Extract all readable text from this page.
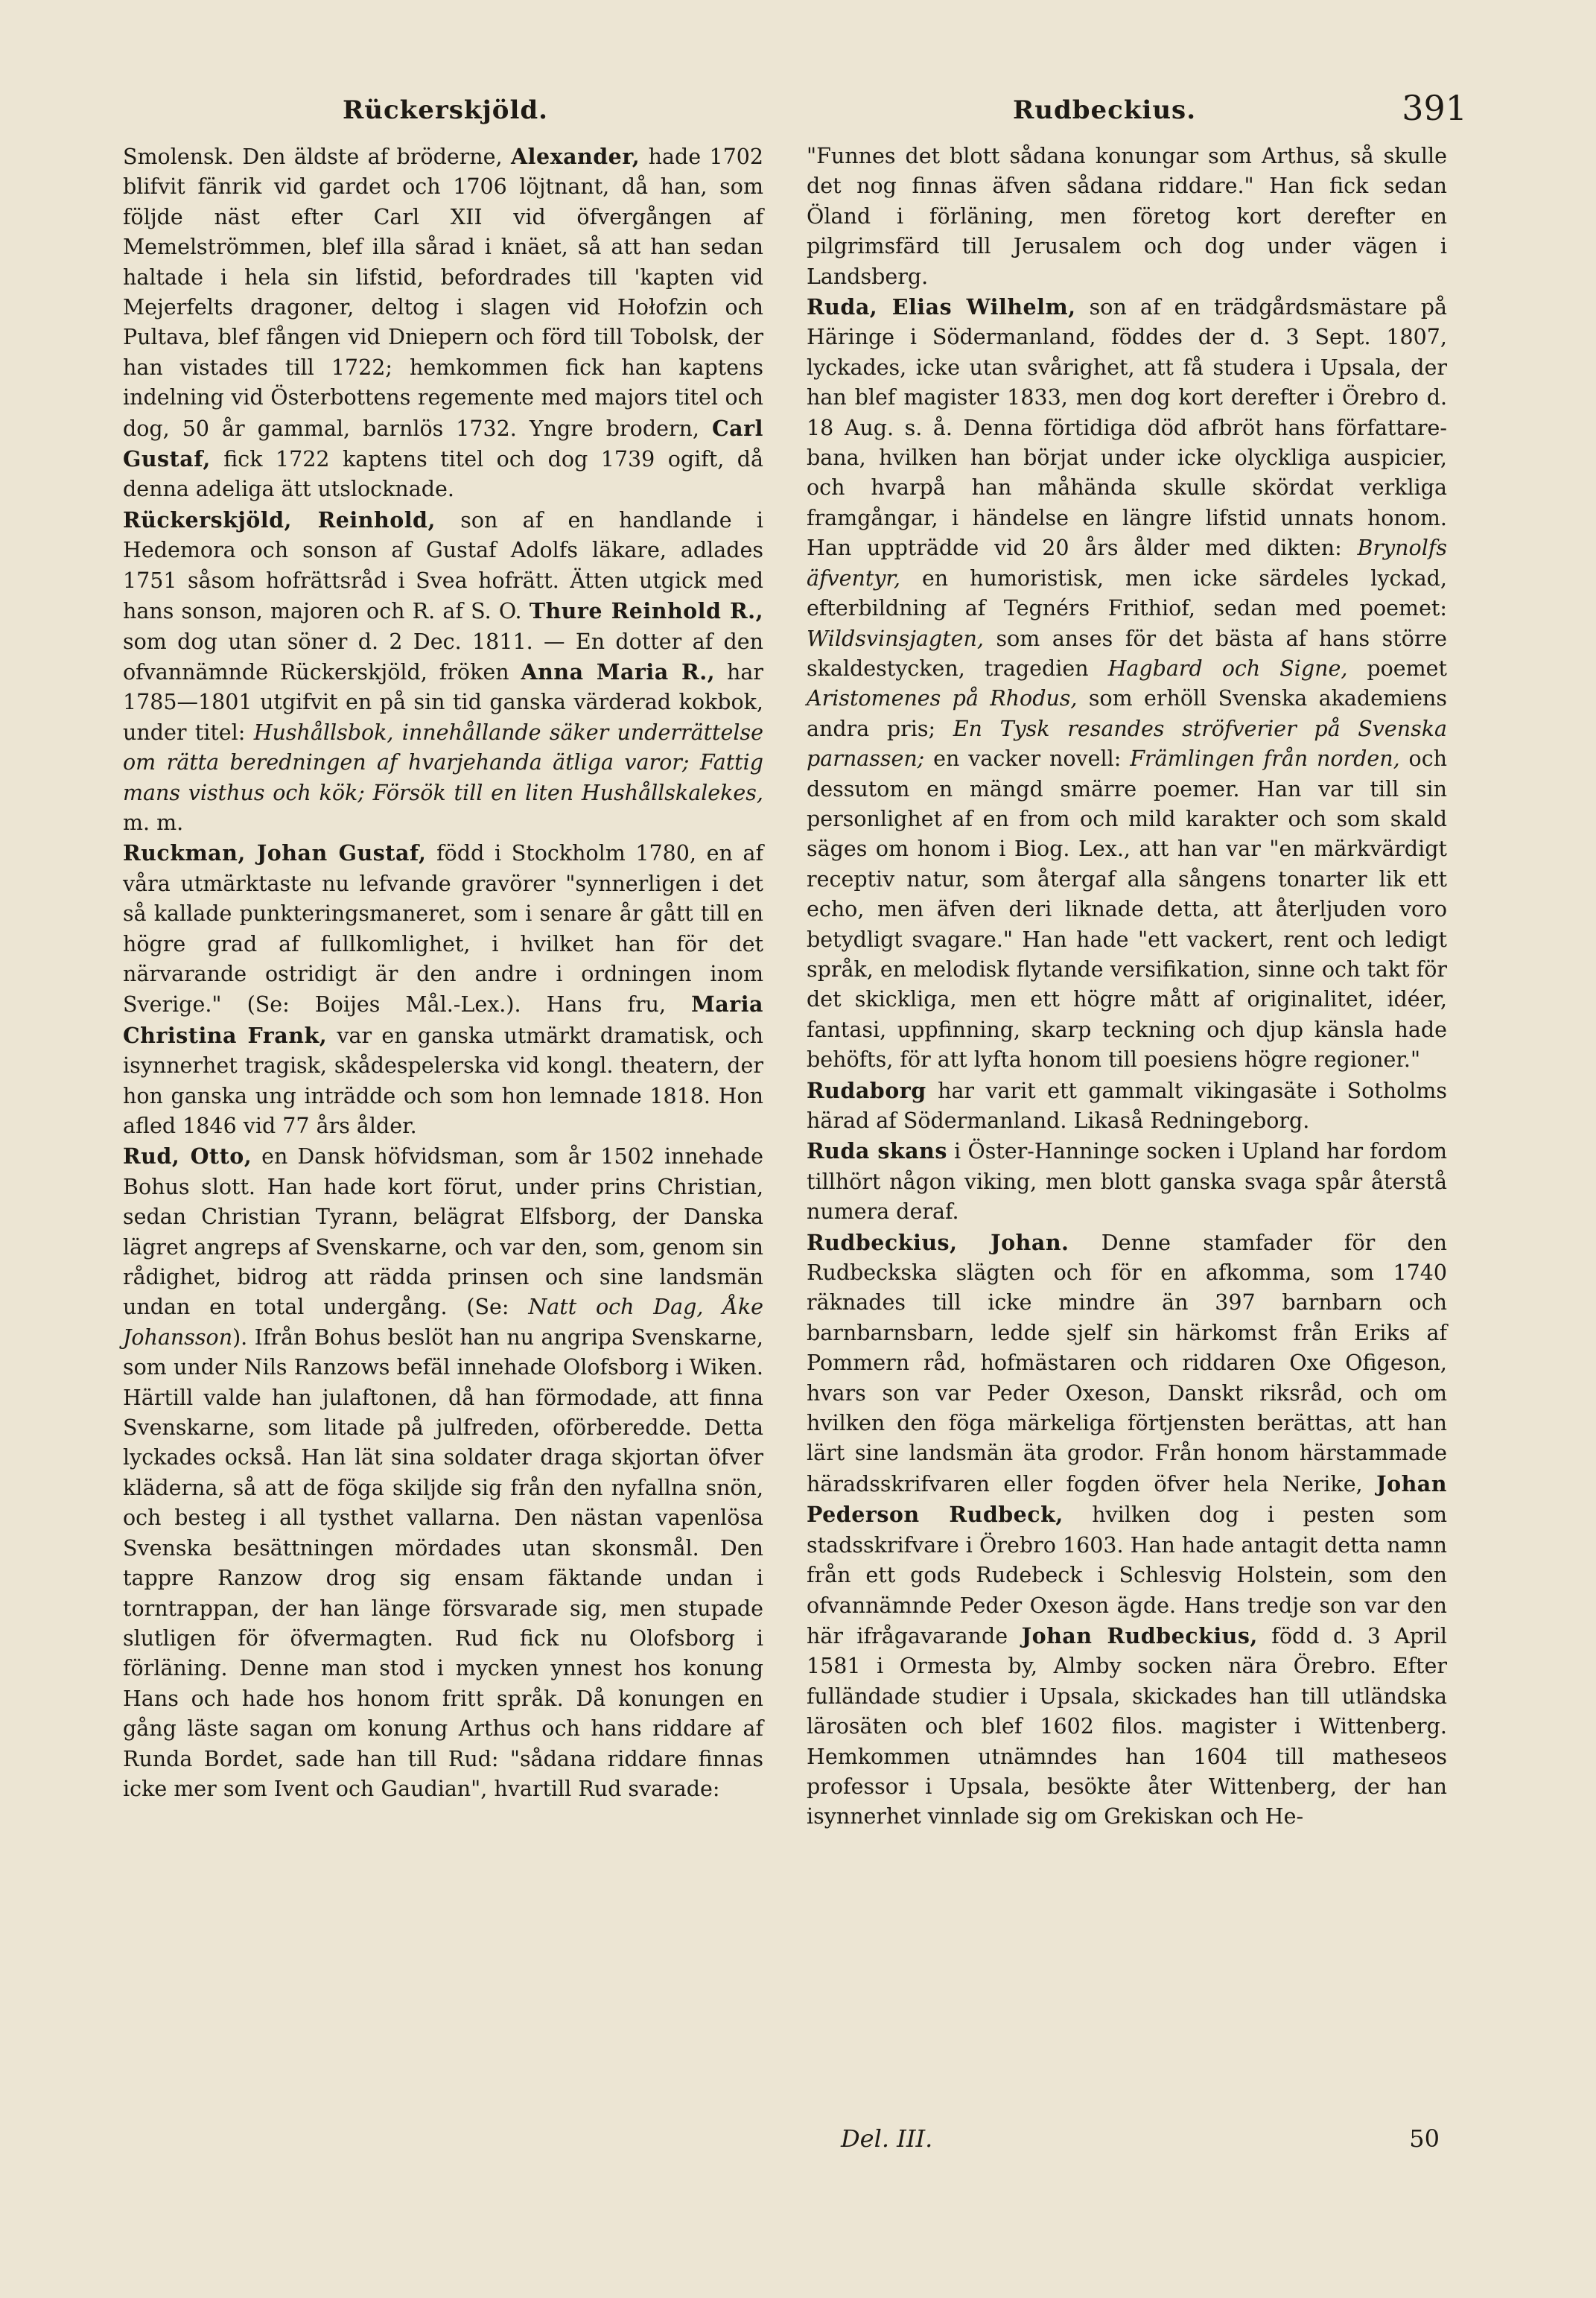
Rückerskjöld.	Rudbeckius.	391

Smolensk. Den äldste af bröderne, Alexander, hade 1702 blifvit fänrik vid gardet och 1706 löjtnant, då han, som följde näst efter Carl XII vid öfvergången af Memelströmmen, blef illa sårad i knäet, så att han sedan haltade i hela sin lifstid, befordrades till 'kapten vid Mejerfelts dragoner, deltog i slagen vid Hołofzin och Pultava, blef fången vid Dniepern och förd till Tobolsk, der han vistades till 1722; hemkommen fick han kaptens indelning vid Österbottens regemente med majors titel och dog, 50 år gammal, barnlös 1732. Yngre brodern, Carl Gustaf, fick 1722 kaptens titel och dog 1739 ogift, då denna adeliga ätt utslocknade.

Rückerskjöld, Reinhold, son af en handlande i Hedemora och sonson af Gustaf Adolfs läkare, adlades 1751 såsom hofrättsråd i Svea hofrätt. Ätten utgick med hans sonson, majoren och R. af S. O. Thure Reinhold R., som dog utan söner d. 2 Dec. 1811. — En dotter af den ofvannämnde Rückerskjöld, fröken Anna Maria R., har 1785—1801 utgifvit en på sin tid ganska värderad kokbok, under titel: Hushållsbok, innehållande säker underrättelse om rätta beredningen af hvarjehanda ätliga varor; Fattig mans visthus och kök; Försök till en liten Hushållskalekes, m. m.

Ruckman, Johan Gustaf, född i Stockholm 1780, en af våra utmärktaste nu lefvande gravörer "synnerligen i det så kallade punkteringsmaneret, som i senare år gått till en högre grad af fullkomlighet, i hvilket han för det närvarande ostridigt är den andre i ordningen inom Sverige." (Se: Boijes Mål.-Lex.). Hans fru, Maria Christina Frank, var en ganska utmärkt dramatisk, och isynnerhet tragisk, skådespelerska vid kongl. theatern, der hon ganska ung inträdde och som hon lemnade 1818. Hon afled 1846 vid 77 års ålder.

Rud, Otto, en Dansk höfvidsman, som år 1502 innehade Bohus slott. Han hade kort förut, under prins Christian, sedan Christian Tyrann, belägrat Elfsborg, der Danska lägret angreps af Svenskarne, och var den, som, genom sin rådighet, bidrog att rädda prinsen och sine landsmän undan en total undergång. (Se: Natt och Dag, Åke Johansson). Ifrån Bohus beslöt han nu angripa Svenskarne, som under Nils Ranzows befäl innehade Olofsborg i Wiken. Härtill valde han julaftonen, då han förmodade, att finna Svenskarne, som litade på julfreden, oförberedde. Detta lyckades också. Han lät sina soldater draga skjortan öfver kläderna, så att de föga skiljde sig från den nyfallna snön, och besteg i all tysthet vallarna. Den nästan vapenlösa Svenska besättningen mördades utan skonsmål. Den tappre Ranzow drog sig ensam fäktande undan i torntrappan, der han länge försvarade sig, men stupade slutligen för öfvermagten. Rud fick nu Olofsborg i förläning. Denne man stod i mycken ynnest hos konung Hans och hade hos honom fritt språk. Då konungen en gång läste sagan om konung Arthus och hans riddare af Runda Bordet, sade han till Rud: "sådana riddare finnas icke mer som Ivent och Gaudian", hvartill Rud svarade:

"Funnes det blott sådana konungar som Arthus, så skulle det nog finnas äfven sådana riddare." Han fick sedan Öland i förläning, men företog kort derefter en pilgrimsfärd till Jerusalem och dog under vägen i Landsberg.

Ruda, Elias Wilhelm, son af en trädgårdsmästare på Häringe i Södermanland, föddes der d. 3 Sept. 1807, lyckades, icke utan svårighet, att få studera i Upsala, der han blef magister 1833, men dog kort derefter i Örebro d. 18 Aug. s. å. Denna förtidiga död afbröt hans författare-bana, hvilken han börjat under icke olyckliga auspicier, och hvarpå han måhända skulle skördat verkliga framgångar, i händelse en längre lifstid unnats honom. Han uppträdde vid 20 års ålder med dikten: Brynolfs äfventyr, en humoristisk, men icke särdeles lyckad, efterbildning af Tegnérs Frithiof, sedan med poemet: Wildsvinsjagten, som anses för det bästa af hans större skaldestycken, tragedien Hagbard och Signe, poemet Aristomenes på Rhodus, som erhöll Svenska akademiens andra pris; En Tysk resandes ströfverier på Svenska parnassen; en vacker novell: Främlingen från norden, och dessutom en mängd smärre poemer. Han var till sin personlighet af en from och mild karakter och som skald säges om honom i Biog. Lex., att han var "en märkvärdigt receptiv natur, som återgaf alla sångens tonarter lik ett echo, men äfven deri liknade detta, att återljuden voro betydligt svagare." Han hade "ett vackert, rent och ledigt språk, en melodisk flytande versifikation, sinne och takt för det skickliga, men ett högre mått af originalitet, idéer, fantasi, uppfinning, skarp teckning och djup känsla hade behöfts, för att lyfta honom till poesiens högre regioner."

Rudaborg har varit ett gammalt vikingasäte i Sotholms härad af Södermanland. Likaså Redningeborg.

Ruda skans i Öster-Hanninge socken i Upland har fordom tillhört någon viking, men blott ganska svaga spår återstå numera deraf.

Rudbeckius, Johan. Denne stamfader för den Rudbeckska slägten och för en afkomma, som 1740 räknades till icke mindre än 397 barnbarn och barnbarnsbarn, ledde sjelf sin härkomst från Eriks af Pommern råd, hofmästaren och riddaren Oxe Ofigeson, hvars son var Peder Oxeson, Danskt riksråd, och om hvilken den föga märkeliga förtjensten berättas, att han lärt sine landsmän äta grodor. Från honom härstammade häradsskrifvaren eller fogden öfver hela Nerike, Johan Pederson Rudbeck, hvilken dog i pesten som stadsskrifvare i Örebro 1603. Han hade antagit detta namn från ett gods Rudebeck i Schlesvig Holstein, som den ofvannämnde Peder Oxeson ägde. Hans tredje son var den här ifrågavarande Johan Rudbeckius, född d. 3 April 1581 i Ormesta by, Almby socken nära Örebro. Efter fulländade studier i Upsala, skickades han till utländska lärosäten och blef 1602 filos. magister i Wittenberg. Hemkommen utnämndes han 1604 till matheseos professor i Upsala, besökte åter Wittenberg, der han isynnerhet vinnlade sig om Grekiskan och He-

Del. III.	50
